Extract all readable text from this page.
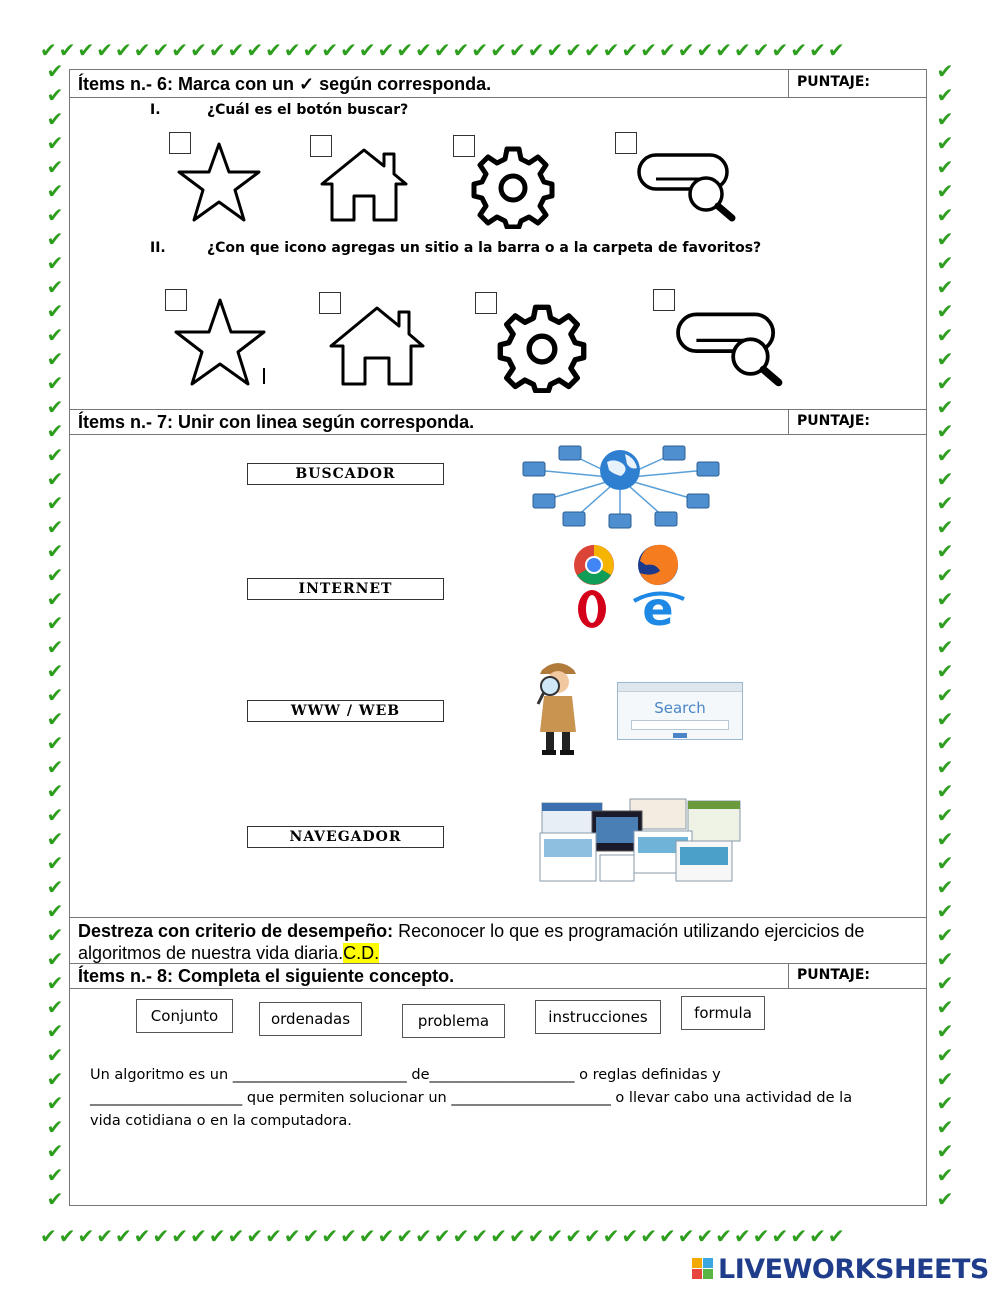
✔✔✔✔✔✔✔✔✔✔✔✔✔✔✔✔✔✔✔✔✔✔✔✔✔✔✔✔✔✔✔✔✔✔✔✔✔✔✔✔✔✔✔
✔✔✔✔✔✔✔✔✔✔✔✔✔✔✔✔✔✔✔✔✔✔✔✔✔✔✔✔✔✔✔✔✔✔✔✔✔✔✔✔✔✔✔
✔✔✔✔✔✔✔✔✔✔✔✔✔✔✔✔✔✔✔✔✔✔✔✔✔✔✔✔✔✔✔✔✔✔✔✔✔✔✔✔✔✔✔✔✔✔✔✔
✔✔✔✔✔✔✔✔✔✔✔✔✔✔✔✔✔✔✔✔✔✔✔✔✔✔✔✔✔✔✔✔✔✔✔✔✔✔✔✔✔✔✔✔✔✔✔✔
Ítems n.- 6: Marca con un ✓ según corresponda.	PUNTAJE:
I.	¿Cuál es el botón buscar?
II.	¿Con que icono agregas un sitio a la barra o a la carpeta de favoritos?
Ítems n.- 7: Unir con linea según corresponda.	PUNTAJE:
BUSCADOR
INTERNET
WWW / WEB
NAVEGADOR
e
Search
Destreza con criterio de desempeño: Reconocer lo que es programación utilizando ejercicios de algoritmos de nuestra vida diaria.C.D.
Ítems n.- 8: Completa el siguiente concepto.	PUNTAJE:
Conjunto	ordenadas	problema	instrucciones	formula
Un algoritmo es un ________________________ de____________________ o reglas definidas y
_____________________ que permiten solucionar un ______________________ o llevar cabo una actividad de la
vida cotidiana o en la computadora.
LIVEWORKSHEETS
